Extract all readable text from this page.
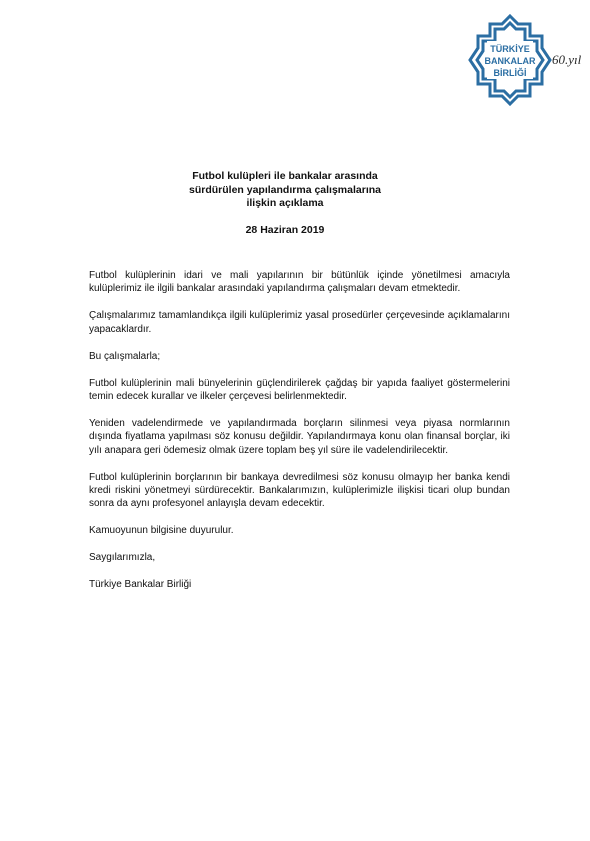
TÜRKİYE
BANKALAR
BİRLİĞİ
60.yıl
Futbol kulüpleri ile bankalar arasında
sürdürülen yapılandırma çalışmalarına
ilişkin açıklama
28 Haziran 2019

Futbol kulüplerinin idari ve mali yapılarının bir bütünlük içinde yönetilmesi amacıyla kulüplerimiz ile ilgili bankalar arasındaki yapılandırma çalışmaları devam etmektedir.

Çalışmalarımız tamamlandıkça ilgili kulüplerimiz yasal prosedürler çerçevesinde açıklamalarını yapacaklardır.

Bu çalışmalarla;

Futbol kulüplerinin mali bünyelerinin güçlendirilerek çağdaş bir yapıda faaliyet göstermelerini temin edecek kurallar ve ilkeler çerçevesi belirlenmektedir.

Yeniden vadelendirmede ve yapılandırmada borçların silinmesi veya piyasa normlarının dışında fiyatlama yapılması söz konusu değildir. Yapılandırmaya konu olan finansal borçlar, iki yılı anapara geri ödemesiz olmak üzere toplam beş yıl süre ile vadelendirilecektir.

Futbol kulüplerinin borçlarının bir bankaya devredilmesi söz konusu olmayıp her banka kendi kredi riskini yönetmeyi sürdürecektir. Bankalarımızın, kulüplerimizle ilişkisi ticari olup bundan sonra da aynı profesyonel anlayışla devam edecektir.

Kamuoyunun bilgisine duyurulur.

Saygılarımızla,

Türkiye Bankalar Birliği
